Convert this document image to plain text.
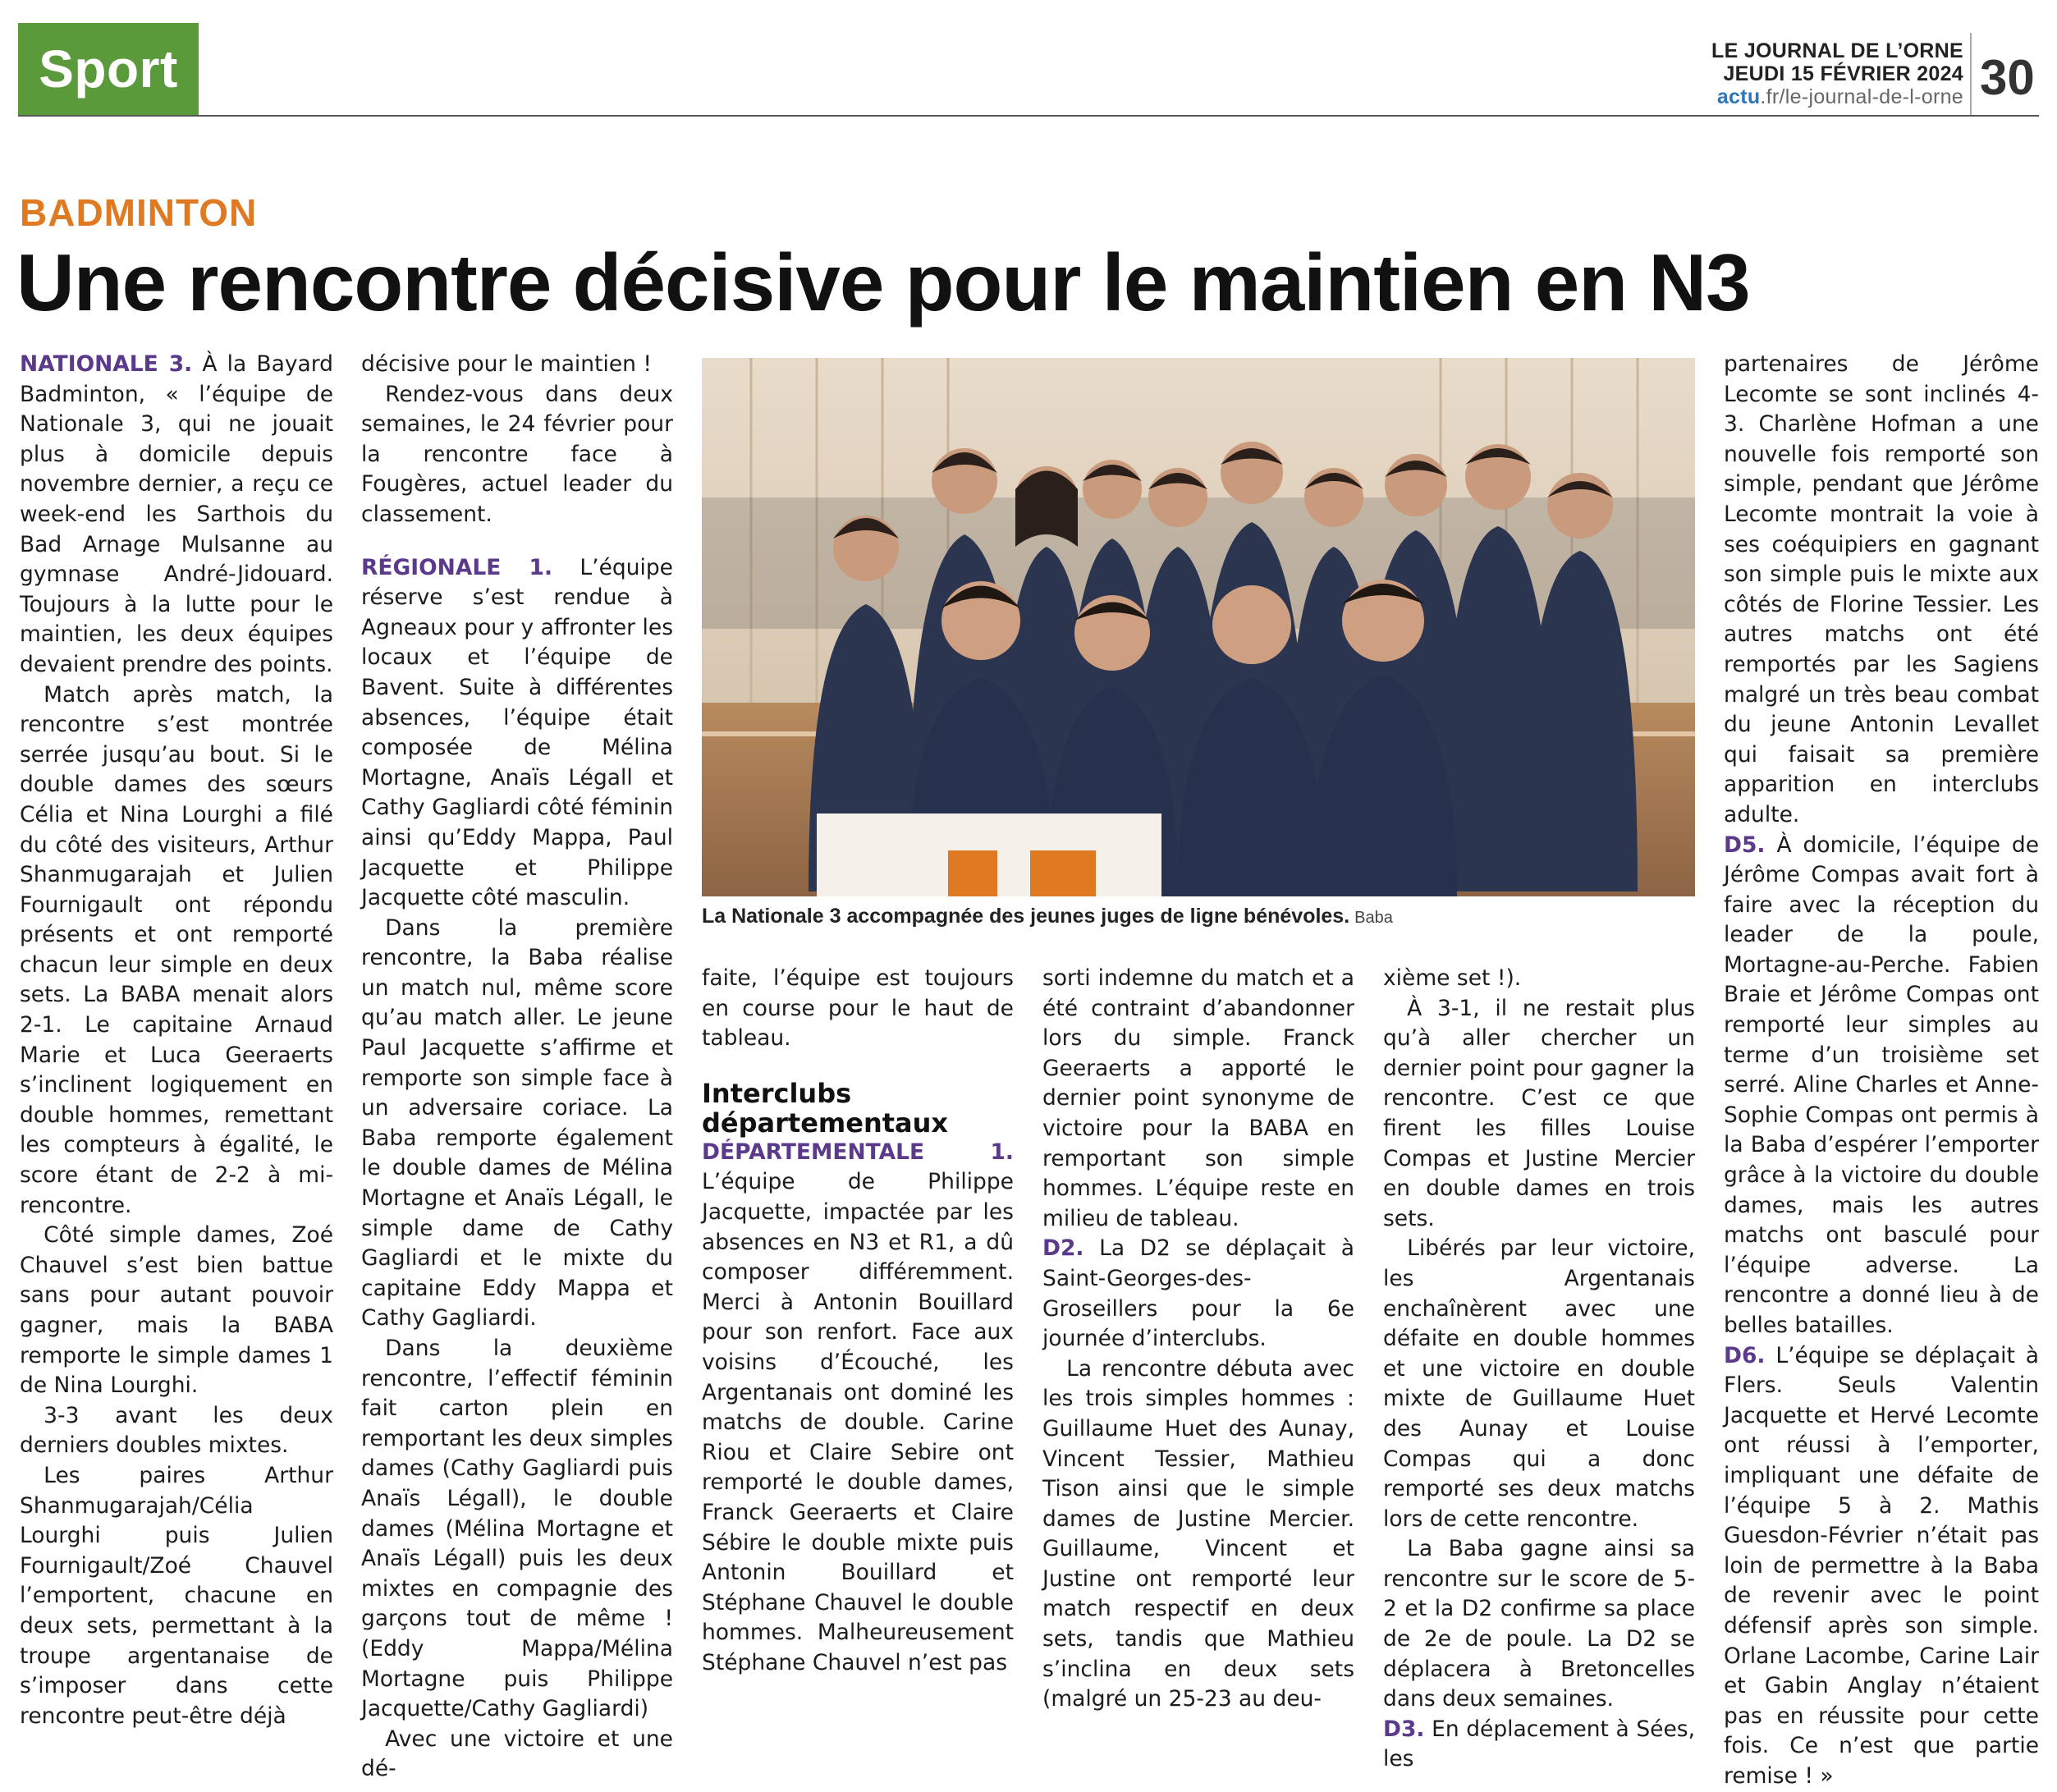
Sport	LE JOURNAL DE L’ORNE
JEUDI 15 FÉVRIER 2024
actu.fr/le-journal-de-l-orne 30
BADMINTON
Une rencontre décisive pour le maintien en N3

NATIONALE 3. À la Bayard Badminton, « l’équipe de Nationale 3, qui ne jouait plus à domicile depuis novembre dernier, a reçu ce week-end les Sarthois du Bad Arnage Mulsanne au gymnase André-Jidouard. Toujours à la lutte pour le maintien, les deux équipes devaient prendre des points.

Match après match, la rencontre s’est montrée serrée jusqu’au bout. Si le double dames des sœurs Célia et Nina Lourghi a filé du côté des visiteurs, Arthur Shanmugarajah et Julien Fournigault ont répondu présents et ont remporté chacun leur simple en deux sets. La BABA menait alors 2-1. Le capitaine Arnaud Marie et Luca Geeraerts s’inclinent logiquement en double hommes, remettant les compteurs à égalité, le score étant de 2-2 à mi-rencontre.

Côté simple dames, Zoé Chauvel s’est bien battue sans pour autant pouvoir gagner, mais la BABA remporte le simple dames 1 de Nina Lourghi.

3-3 avant les deux derniers doubles mixtes.

Les paires Arthur Shanmugarajah/Célia Lourghi puis Julien Fournigault/Zoé Chauvel l’emportent, chacune en deux sets, permettant à la troupe argentanaise de s’imposer dans cette rencontre peut-être déjà

décisive pour le maintien !

Rendez-vous dans deux semaines, le 24 février pour la rencontre face à Fougères, actuel leader du classement.

RÉGIONALE 1. L’équipe réserve s’est rendue à Agneaux pour y affronter les locaux et l’équipe de Bavent. Suite à différentes absences, l’équipe était composée de Mélina Mortagne, Anaïs Légall et Cathy Gagliardi côté féminin ainsi qu’Eddy Mappa, Paul Jacquette et Philippe Jacquette côté masculin.

Dans la première rencontre, la Baba réalise un match nul, même score qu’au match aller. Le jeune Paul Jacquette s’affirme et remporte son simple face à un adversaire coriace. La Baba remporte également le double dames de Mélina Mortagne et Anaïs Légall, le simple dame de Cathy Gagliardi et le mixte du capitaine Eddy Mappa et Cathy Gagliardi.

Dans la deuxième rencontre, l’effectif féminin fait carton plein en remportant les deux simples dames (Cathy Gagliardi puis Anaïs Légall), le double dames (Mélina Mortagne et Anaïs Légall) puis les deux mixtes en compagnie des garçons tout de même ! (Eddy Mappa/Mélina Mortagne puis Philippe Jacquette/Cathy Gagliardi)

Avec une victoire et une dé-

La Nationale 3 accompagnée des jeunes juges de ligne bénévoles. Baba

faite, l’équipe est toujours en course pour le haut de tableau.

Interclubs départementaux

DÉPARTEMENTALE 1. L’équipe de Philippe Jacquette, impactée par les absences en N3 et R1, a dû composer différemment. Merci à Antonin Bouillard pour son renfort. Face aux voisins d’Écouché, les Argentanais ont dominé les matchs de double. Carine Riou et Claire Sebire ont remporté le double dames, Franck Geeraerts et Claire Sébire le double mixte puis Antonin Bouillard et Stéphane Chauvel le double hommes. Malheureusement Stéphane Chauvel n’est pas

sorti indemne du match et a été contraint d’abandonner lors du simple. Franck Geeraerts a apporté le dernier point synonyme de victoire pour la BABA en remportant son simple hommes. L’équipe reste en milieu de tableau.

D2. La D2 se déplaçait à Saint-Georges-des-Groseillers pour la 6e journée d’interclubs.

La rencontre débuta avec les trois simples hommes : Guillaume Huet des Aunay, Vincent Tessier, Mathieu Tison ainsi que le simple dames de Justine Mercier. Guillaume, Vincent et Justine ont remporté leur match respectif en deux sets, tandis que Mathieu s’inclina en deux sets (malgré un 25-23 au deu-

xième set !).

À 3-1, il ne restait plus qu’à aller chercher un dernier point pour gagner la rencontre. C’est ce que firent les filles Louise Compas et Justine Mercier en double dames en trois sets.

Libérés par leur victoire, les Argentanais enchaînèrent avec une défaite en double hommes et une victoire en double mixte de Guillaume Huet des Aunay et Louise Compas qui a donc remporté ses deux matchs lors de cette rencontre.

La Baba gagne ainsi sa rencontre sur le score de 5-2 et la D2 confirme sa place de 2e de poule. La D2 se déplacera à Bretoncelles dans deux semaines.

D3. En déplacement à Sées, les

partenaires de Jérôme Lecomte se sont inclinés 4-3. Charlène Hofman a une nouvelle fois remporté son simple, pendant que Jérôme Lecomte montrait la voie à ses coéquipiers en gagnant son simple puis le mixte aux côtés de Florine Tessier. Les autres matchs ont été remportés par les Sagiens malgré un très beau combat du jeune Antonin Levallet qui faisait sa première apparition en interclubs adulte.

D5. À domicile, l’équipe de Jérôme Compas avait fort à faire avec la réception du leader de la poule, Mortagne-au-Perche. Fabien Braie et Jérôme Compas ont remporté leur simples au terme d’un troisième set serré. Aline Charles et Anne-Sophie Compas ont permis à la Baba d’espérer l’emporter grâce à la victoire du double dames, mais les autres matchs ont basculé pour l’équipe adverse. La rencontre a donné lieu à de belles batailles.

D6. L’équipe se déplaçait à Flers. Seuls Valentin Jacquette et Hervé Lecomte ont réussi à l’emporter, impliquant une défaite de l’équipe 5 à 2. Mathis Guesdon-Février n’était pas loin de permettre à la Baba de revenir avec le point défensif après son simple. Orlane Lacombe, Carine Lair et Gabin Anglay n’étaient pas en réussite pour cette fois. Ce n’est que partie remise ! »
